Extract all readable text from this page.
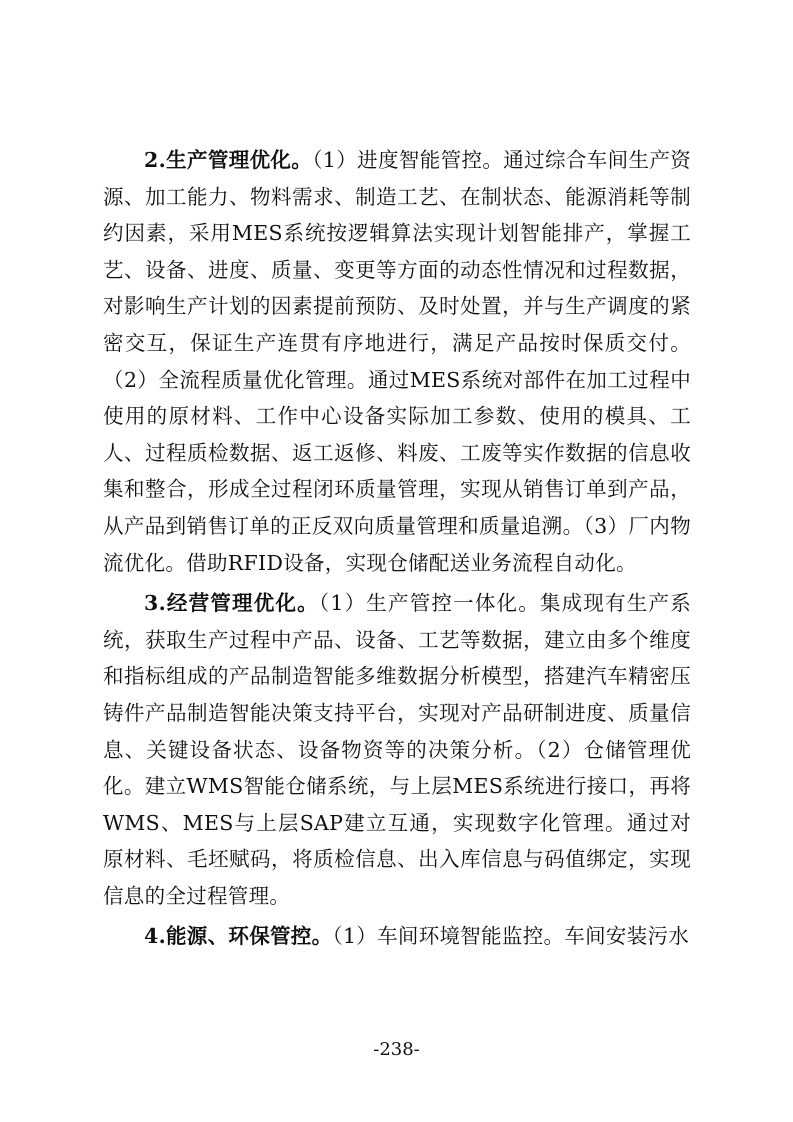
2.生产管理优化。（1）进度智能管控。通过综合车间生产资源、加工能力、物料需求、制造工艺、在制状态、能源消耗等制约因素，采用MES系统按逻辑算法实现计划智能排产，掌握工艺、设备、进度、质量、变更等方面的动态性情况和过程数据，对影响生产计划的因素提前预防、及时处置，并与生产调度的紧密交互，保证生产连贯有序地进行，满足产品按时保质交付。（2）全流程质量优化管理。通过MES系统对部件在加工过程中使用的原材料、工作中心设备实际加工参数、使用的模具、工人、过程质检数据、返工返修、料废、工废等实作数据的信息收集和整合，形成全过程闭环质量管理，实现从销售订单到产品，从产品到销售订单的正反双向质量管理和质量追溯。（3）厂内物流优化。借助RFID设备，实现仓储配送业务流程自动化。

3.经营管理优化。（1）生产管控一体化。集成现有生产系统，获取生产过程中产品、设备、工艺等数据，建立由多个维度和指标组成的产品制造智能多维数据分析模型，搭建汽车精密压铸件产品制造智能决策支持平台，实现对产品研制进度、质量信息、关键设备状态、设备物资等的决策分析。（2）仓储管理优化。建立WMS智能仓储系统，与上层MES系统进行接口，再将WMS、MES与上层SAP建立互通，实现数字化管理。通过对原材料、毛坯赋码，将质检信息、出入库信息与码值绑定，实现信息的全过程管理。

4.能源、环保管控。（1）车间环境智能监控。车间安装污水

-238-
